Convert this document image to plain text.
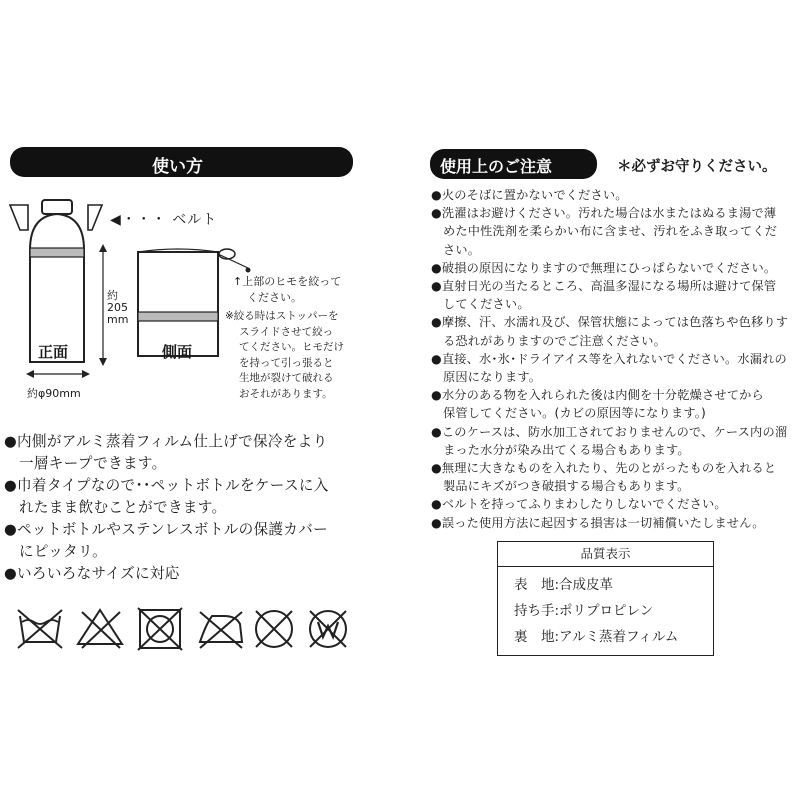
使い方
◀・・・ ベルト
正面	側面
約
205
mm
約φ90mm
↑上部のヒモを絞って
ください。
※絞る時はストッパーを
スライドさせて絞っ
てください。ヒモだけ
を持って引っ張ると
生地が裂けて破れる
おそれがあります。

●内側がアルミ蒸着フィルム仕上げで保冷をより

一層キープできます。

●巾着タイプなので･･ペットボトルをケースに入

れたまま飲むことができます。

●ペットボトルやステンレスボトルの保護カバー

にピッタリ。

●いろいろなサイズに対応

使用上のご注意	＊必ずお守りください。

●火のそばに置かないでください。

●洗濯はお避けください。汚れた場合は水またはぬるま湯で薄

めた中性洗剤を柔らかい布に含ませ、汚れをふき取ってくだ

さい。

●破損の原因になりますので無理にひっぱらないでください。

●直射日光の当たるところ、高温多湿になる場所は避けて保管

してください。

●摩擦、汗、水濡れ及び、保管状態によっては色落ちや色移りす

る恐れがありますのでご注意ください。

●直接、水･氷･ドライアイス等を入れないでください。水漏れの

原因になります。

●水分のある物を入れられた後は内側を十分乾燥させてから

保管してください。(カビの原因等になります。)

●このケースは、防水加工されておりませんので、ケース内の溜

まった水分が染み出てくる場合もあります。

●無理に大きなものを入れたり、先のとがったものを入れると

製品にキズがつき破損する場合もあります。

●ベルトを持ってふりまわしたりしないでください。

●誤った使用方法に起因する損害は一切補償いたしません。

品質表示
表　地:合成皮革
持ち手:ポリプロピレン
裏　地:アルミ蒸着フィルム
